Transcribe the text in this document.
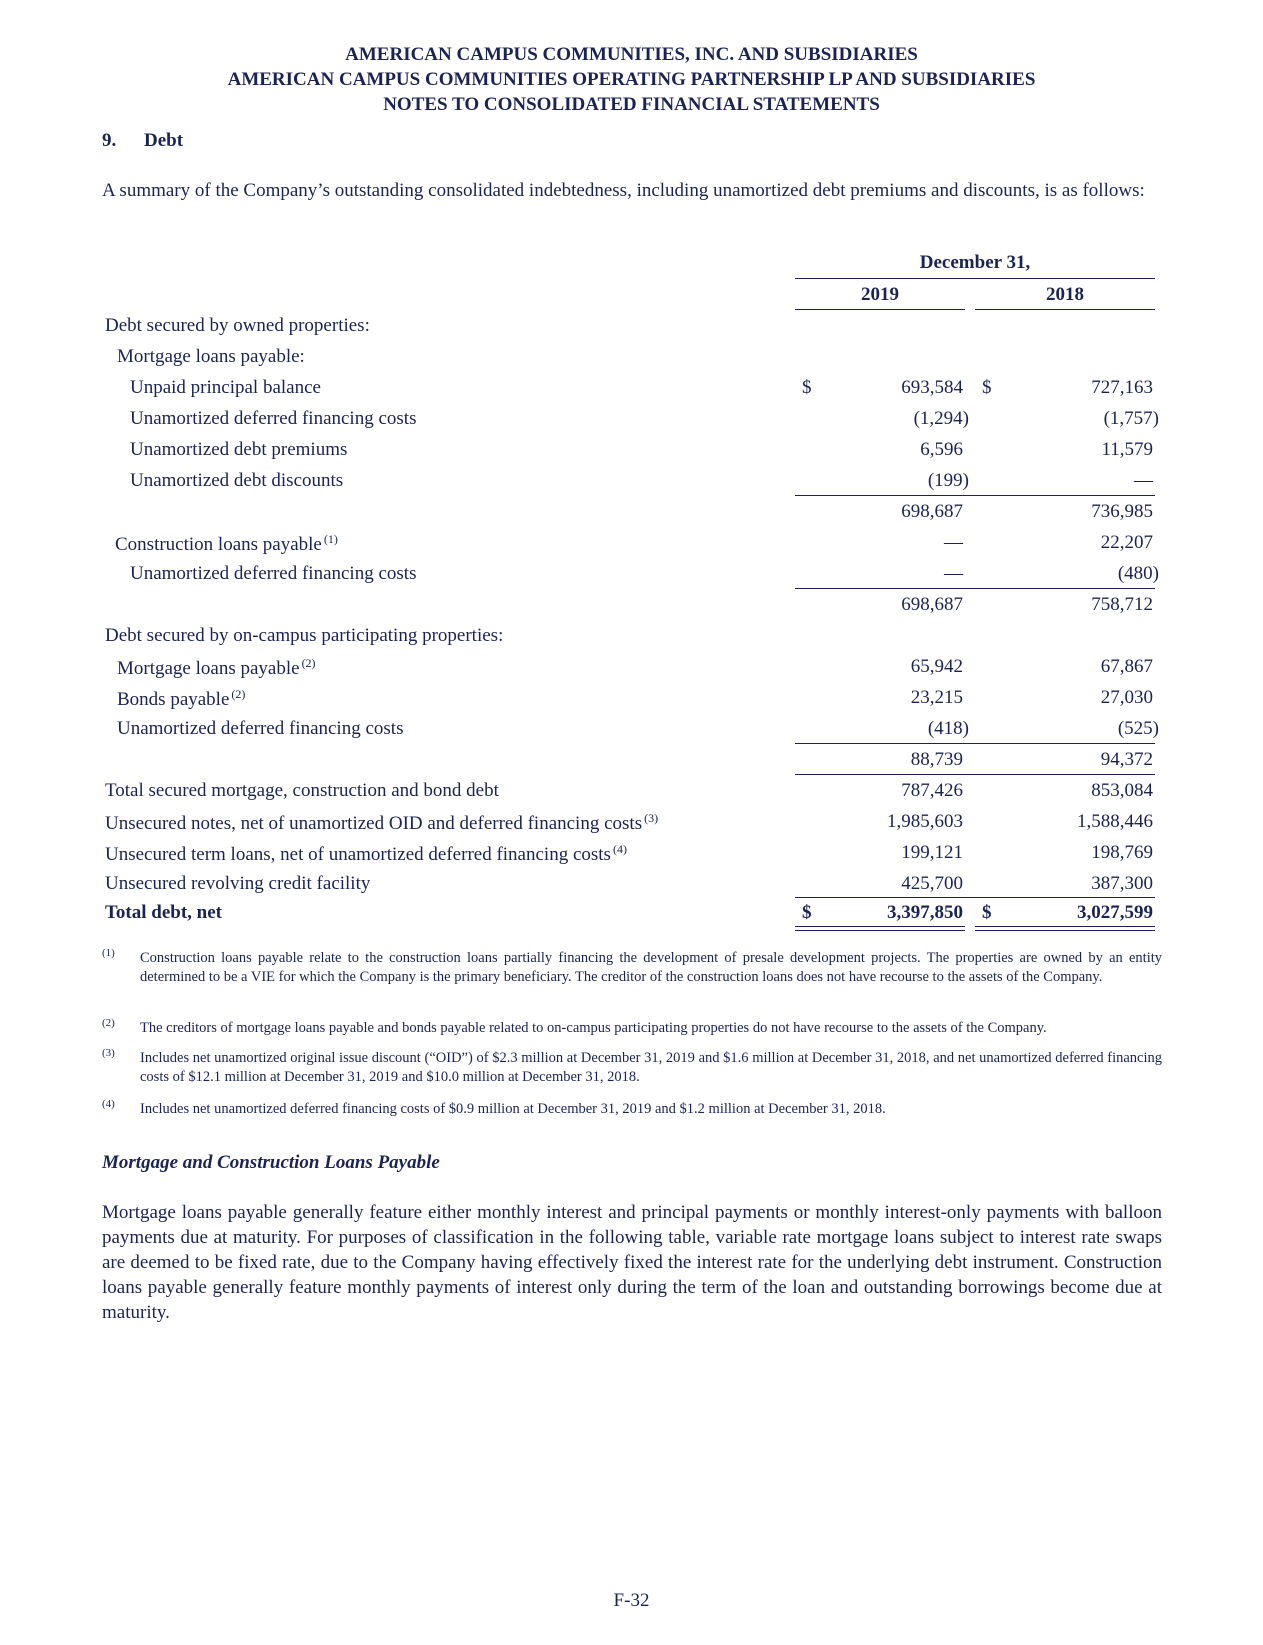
AMERICAN CAMPUS COMMUNITIES, INC. AND SUBSIDIARIES
AMERICAN CAMPUS COMMUNITIES OPERATING PARTNERSHIP LP AND SUBSIDIARIES
NOTES TO CONSOLIDATED FINANCIAL STATEMENTS
9. Debt
A summary of the Company’s outstanding consolidated indebtedness, including unamortized debt premiums and discounts, is as follows:
December 31,
2019	2018
Debt secured by owned properties:
Mortgage loans payable:
Unpaid principal balance	$	693,584 $	727,163
Unamortized deferred financing costs	(1,294)	(1,757)
Unamortized debt premiums	6,596	11,579
Unamortized debt discounts	(199)	—
698,687	736,985
Construction loans payable $^{(1)}$	—	22,207
Unamortized deferred financing costs	—	(480)
698,687	758,712
Debt secured by on-campus participating properties:
Mortgage loans payable $^{(2)}$	65,942	67,867
Bonds payable $^{(2)}$	23,215	27,030
Unamortized deferred financing costs	(418)	(525)
88,739	94,372
Total secured mortgage, construction and bond debt	787,426	853,084
Unsecured notes, net of unamortized OID and deferred financing costs $^{(3)}$	1,985,603	1,588,446
Unsecured term loans, net of unamortized deferred financing costs $^{(4)}$	199,121	198,769
Unsecured revolving credit facility	425,700	387,300
Total debt, net	$	3,397,850 $	3,027,599
(1) Construction loans payable relate to the construction loans partially financing the development of presale development projects. The properties are owned by an entity determined to be a VIE for which the Company is the primary beneficiary. The creditor of the construction loans does not have recourse to the assets of the Company.
(2) The creditors of mortgage loans payable and bonds payable related to on-campus participating properties do not have recourse to the assets of the Company.
(3) Includes net unamortized original issue discount (“OID”) of $2.3 million at December 31, 2019 and $1.6 million at December 31, 2018, and net unamortized deferred financing costs of $12.1 million at December 31, 2019 and $10.0 million at December 31, 2018.
(4) Includes net unamortized deferred financing costs of $0.9 million at December 31, 2019 and $1.2 million at December 31, 2018.
Mortgage and Construction Loans Payable
Mortgage loans payable generally feature either monthly interest and principal payments or monthly interest-only payments with balloon payments due at maturity. For purposes of classification in the following table, variable rate mortgage loans subject to interest rate swaps are deemed to be fixed rate, due to the Company having effectively fixed the interest rate for the underlying debt instrument. Construction loans payable generally feature monthly payments of interest only during the term of the loan and outstanding borrowings become due at maturity.
F-32
